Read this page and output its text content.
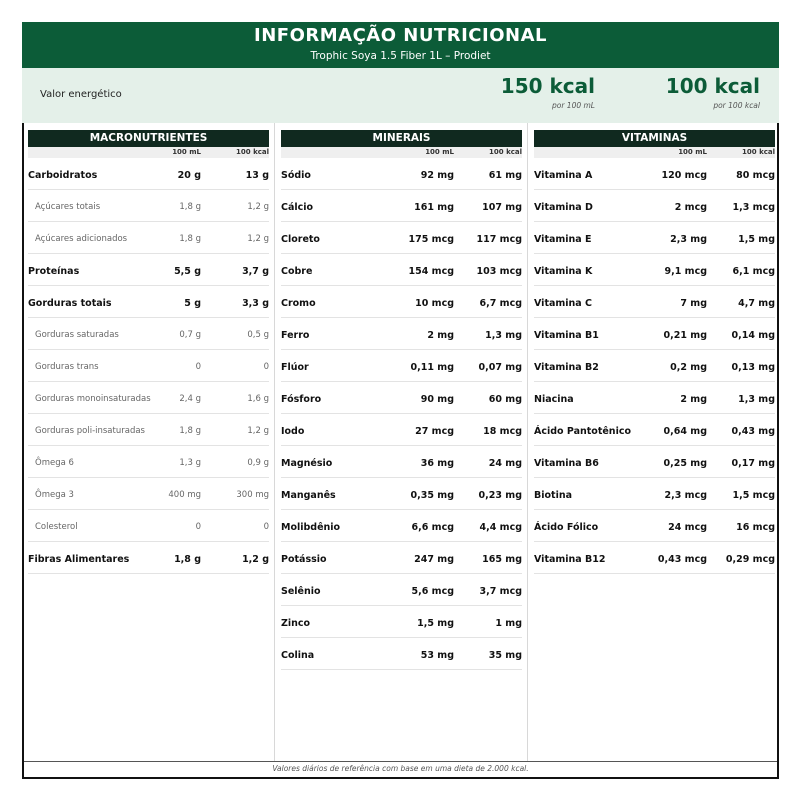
INFORMAÇÃO NUTRICIONAL
Trophic Soya 1.5 Fiber 1L – Prodiet
Valor energético	150 kcal
por 100 mL
100 kcal
por 100 kcal
MACRONUTRIENTES
100 mL	100 kcal
Carboidratos	20 g	13 g
Açúcares totais	1,8 g	1,2 g
Açúcares adicionados	1,8 g	1,2 g
Proteínas	5,5 g	3,7 g
Gorduras totais	5 g	3,3 g
Gorduras saturadas	0,7 g	0,5 g
Gorduras trans	0	0
Gorduras monoinsaturadas	2,4 g	1,6 g
Gorduras poli-insaturadas	1,8 g	1,2 g
Ômega 6	1,3 g	0,9 g
Ômega 3	400 mg	300 mg
Colesterol	0	0
Fibras Alimentares	1,8 g	1,2 g
MINERAIS
100 mL	100 kcal
Sódio	92 mg	61 mg
Cálcio	161 mg	107 mg
Cloreto	175 mcg 117 mcg
Cobre	154 mcg 103 mcg
Cromo	10 mcg	6,7 mcg
Ferro	2 mg	1,3 mg
Flúor	0,11 mg	0,07 mg
Fósforo	90 mg	60 mg
Iodo	27 mcg	18 mcg
Magnésio	36 mg	24 mg
Manganês	0,35 mg	0,23 mg
Molibdênio	6,6 mcg	4,4 mcg
Potássio	247 mg	165 mg
Selênio	5,6 mcg	3,7 mcg
Zinco	1,5 mg	1 mg
Colina	53 mg	35 mg
VITAMINAS
100 mL	100 kcal
Vitamina A	120 mcg	80 mcg
Vitamina D	2 mcg	1,3 mcg
Vitamina E	2,3 mg	1,5 mg
Vitamina K	9,1 mcg	6,1 mcg
Vitamina C	7 mg	4,7 mg
Vitamina B1	0,21 mg	0,14 mg
Vitamina B2	0,2 mg	0,13 mg
Niacina	2 mg	1,3 mg
Ácido Pantotênico	0,64 mg	0,43 mg
Vitamina B6	0,25 mg	0,17 mg
Biotina	2,3 mcg	1,5 mcg
Ácido Fólico	24 mcg	16 mcg
Vitamina B12	0,43 mcg 0,29 mcg
Valores diários de referência com base em uma dieta de 2.000 kcal.
